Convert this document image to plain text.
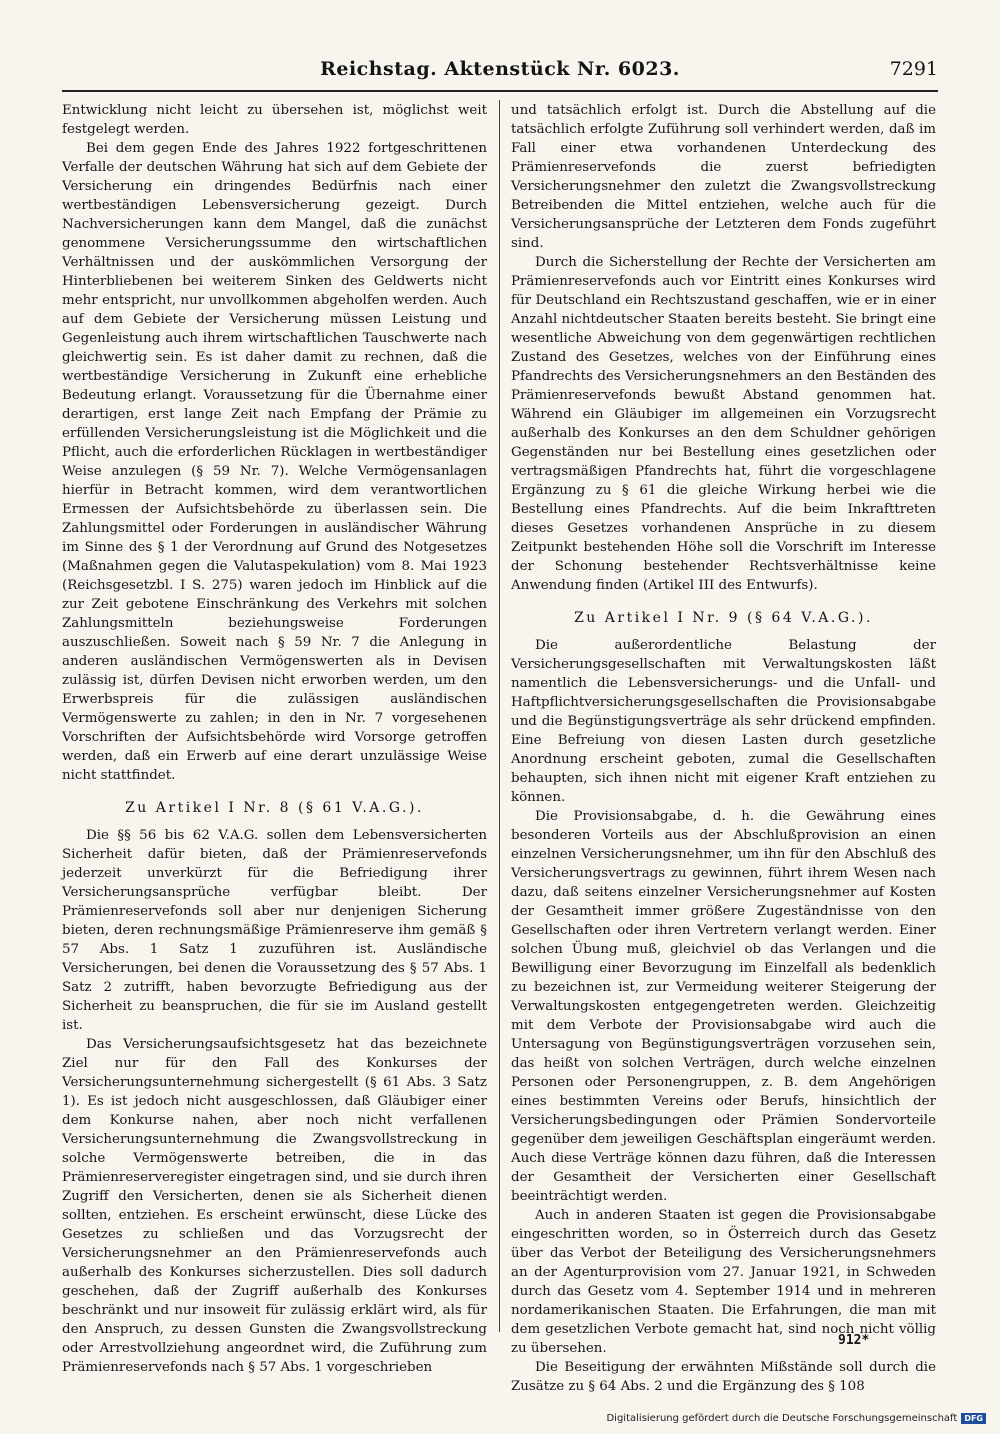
Reichstag. Aktenstück Nr. 6023.	7291

Entwicklung nicht leicht zu übersehen ist, möglichst weit festgelegt werden.

Bei dem gegen Ende des Jahres 1922 fortgeschrittenen Verfalle der deutschen Währung hat sich auf dem Gebiete der Versicherung ein dringendes Bedürfnis nach einer wertbeständigen Lebensversicherung gezeigt. Durch Nachversicherungen kann dem Mangel, daß die zunächst genommene Versicherungssumme den wirtschaftlichen Verhältnissen und der auskömmlichen Versorgung der Hinterbliebenen bei weiterem Sinken des Geldwerts nicht mehr entspricht, nur unvollkommen abgeholfen werden. Auch auf dem Gebiete der Versicherung müssen Leistung und Gegenleistung auch ihrem wirtschaftlichen Tauschwerte nach gleichwertig sein. Es ist daher damit zu rechnen, daß die wertbeständige Versicherung in Zukunft eine erhebliche Bedeutung erlangt. Voraussetzung für die Übernahme einer derartigen, erst lange Zeit nach Empfang der Prämie zu erfüllenden Versicherungsleistung ist die Möglichkeit und die Pflicht, auch die erforderlichen Rücklagen in wertbeständiger Weise anzulegen (§ 59 Nr. 7). Welche Vermögensanlagen hierfür in Betracht kommen, wird dem verantwortlichen Ermessen der Aufsichtsbehörde zu überlassen sein. Die Zahlungsmittel oder Forderungen in ausländischer Währung im Sinne des § 1 der Verordnung auf Grund des Notgesetzes (Maßnahmen gegen die Valutaspekulation) vom 8. Mai 1923 (Reichsgesetzbl. I S. 275) waren jedoch im Hinblick auf die zur Zeit gebotene Einschränkung des Verkehrs mit solchen Zahlungsmitteln beziehungsweise Forderungen auszuschließen. Soweit nach § 59 Nr. 7 die Anlegung in anderen ausländischen Vermögenswerten als in Devisen zulässig ist, dürfen Devisen nicht erworben werden, um den Erwerbspreis für die zulässigen ausländischen Vermögenswerte zu zahlen; in den in Nr. 7 vorgesehenen Vorschriften der Aufsichtsbehörde wird Vorsorge getroffen werden, daß ein Erwerb auf eine derart unzulässige Weise nicht stattfindet.

Zu Artikel I Nr. 8 (§ 61 V.A.G.).

Die §§ 56 bis 62 V.A.G. sollen dem Lebensversicherten Sicherheit dafür bieten, daß der Prämienreservefonds jederzeit unverkürzt für die Befriedigung ihrer Versicherungsansprüche verfügbar bleibt. Der Prämienreservefonds soll aber nur denjenigen Sicherung bieten, deren rechnungsmäßige Prämienreserve ihm gemäß § 57 Abs. 1 Satz 1 zuzuführen ist. Ausländische Versicherungen, bei denen die Voraussetzung des § 57 Abs. 1 Satz 2 zutrifft, haben bevorzugte Befriedigung aus der Sicherheit zu beanspruchen, die für sie im Ausland gestellt ist.

Das Versicherungsaufsichtsgesetz hat das bezeichnete Ziel nur für den Fall des Konkurses der Versicherungsunternehmung sichergestellt (§ 61 Abs. 3 Satz 1). Es ist jedoch nicht ausgeschlossen, daß Gläubiger einer dem Konkurse nahen, aber noch nicht verfallenen Versicherungsunternehmung die Zwangsvollstreckung in solche Vermögenswerte betreiben, die in das Prämienreserveregister eingetragen sind, und sie durch ihren Zugriff den Versicherten, denen sie als Sicherheit dienen sollten, entziehen. Es erscheint erwünscht, diese Lücke des Gesetzes zu schließen und das Vorzugsrecht der Versicherungsnehmer an den Prämienreservefonds auch außerhalb des Konkurses sicherzustellen. Dies soll dadurch geschehen, daß der Zugriff außerhalb des Konkurses beschränkt und nur insoweit für zulässig erklärt wird, als für den Anspruch, zu dessen Gunsten die Zwangsvollstreckung oder Arrestvollziehung angeordnet wird, die Zuführung zum Prämienreservefonds nach § 57 Abs. 1 vorgeschrieben

und tatsächlich erfolgt ist. Durch die Abstellung auf die tatsächlich erfolgte Zuführung soll verhindert werden, daß im Fall einer etwa vorhandenen Unterdeckung des Prämienreservefonds die zuerst befriedigten Versicherungsnehmer den zuletzt die Zwangsvollstreckung Betreibenden die Mittel entziehen, welche auch für die Versicherungsansprüche der Letzteren dem Fonds zugeführt sind.

Durch die Sicherstellung der Rechte der Versicherten am Prämienreservefonds auch vor Eintritt eines Konkurses wird für Deutschland ein Rechtszustand geschaffen, wie er in einer Anzahl nichtdeutscher Staaten bereits besteht. Sie bringt eine wesentliche Abweichung von dem gegenwärtigen rechtlichen Zustand des Gesetzes, welches von der Einführung eines Pfandrechts des Versicherungsnehmers an den Beständen des Prämienreservefonds bewußt Abstand genommen hat. Während ein Gläubiger im allgemeinen ein Vorzugsrecht außerhalb des Konkurses an den dem Schuldner gehörigen Gegenständen nur bei Bestellung eines gesetzlichen oder vertragsmäßigen Pfandrechts hat, führt die vorgeschlagene Ergänzung zu § 61 die gleiche Wirkung herbei wie die Bestellung eines Pfandrechts. Auf die beim Inkrafttreten dieses Gesetzes vorhandenen Ansprüche in zu diesem Zeitpunkt bestehenden Höhe soll die Vorschrift im Interesse der Schonung bestehender Rechtsverhältnisse keine Anwendung finden (Artikel III des Entwurfs).

Zu Artikel I Nr. 9 (§ 64 V.A.G.).

Die außerordentliche Belastung der Versicherungsgesellschaften mit Verwaltungskosten läßt namentlich die Lebensversicherungs- und die Unfall- und Haftpflichtversicherungsgesellschaften die Provisionsabgabe und die Begünstigungsverträge als sehr drückend empfinden. Eine Befreiung von diesen Lasten durch gesetzliche Anordnung erscheint geboten, zumal die Gesellschaften behaupten, sich ihnen nicht mit eigener Kraft entziehen zu können.

Die Provisionsabgabe, d. h. die Gewährung eines besonderen Vorteils aus der Abschlußprovision an einen einzelnen Versicherungsnehmer, um ihn für den Abschluß des Versicherungsvertrags zu gewinnen, führt ihrem Wesen nach dazu, daß seitens einzelner Versicherungsnehmer auf Kosten der Gesamtheit immer größere Zugeständnisse von den Gesellschaften oder ihren Vertretern verlangt werden. Einer solchen Übung muß, gleichviel ob das Verlangen und die Bewilligung einer Bevorzugung im Einzelfall als bedenklich zu bezeichnen ist, zur Vermeidung weiterer Steigerung der Verwaltungskosten entgegengetreten werden. Gleichzeitig mit dem Verbote der Provisionsabgabe wird auch die Untersagung von Begünstigungsverträgen vorzusehen sein, das heißt von solchen Verträgen, durch welche einzelnen Personen oder Personengruppen, z. B. dem Angehörigen eines bestimmten Vereins oder Berufs, hinsichtlich der Versicherungsbedingungen oder Prämien Sondervorteile gegenüber dem jeweiligen Geschäftsplan eingeräumt werden. Auch diese Verträge können dazu führen, daß die Interessen der Gesamtheit der Versicherten einer Gesellschaft beeinträchtigt werden.

Auch in anderen Staaten ist gegen die Provisionsabgabe eingeschritten worden, so in Österreich durch das Gesetz über das Verbot der Beteiligung des Versicherungsnehmers an der Agenturprovision vom 27. Januar 1921, in Schweden durch das Gesetz vom 4. September 1914 und in mehreren nordamerikanischen Staaten. Die Erfahrungen, die man mit dem gesetzlichen Verbote gemacht hat, sind noch nicht völlig zu übersehen.

Die Beseitigung der erwähnten Mißstände soll durch die Zusätze zu § 64 Abs. 2 und die Ergänzung des § 108

912*
Digitalisierung gefördert durch die Deutsche Forschungsgemeinschaft DFG
